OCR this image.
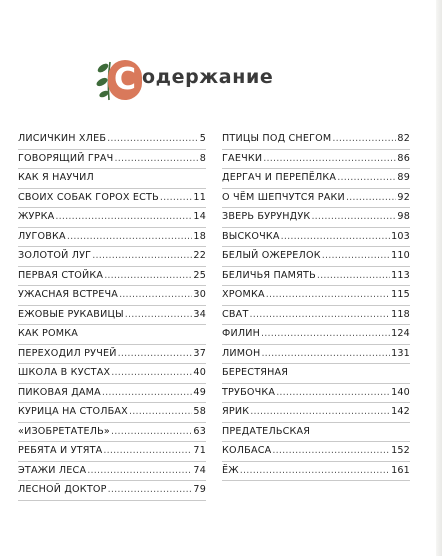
С одержание
ЛИСИЧКИН ХЛЕБ .....	5
ГОВОРЯЩИЙ ГРАЧ .....	8
КАК Я НАУЧИЛ
СВОИХ СОБАК ГОРОХ ЕСТЬ .....	11
ЖУРКА .....	14
ЛУГОВКА .....	18
ЗОЛОТОЙ ЛУГ .....	22
ПЕРВАЯ СТОЙКА .....	25
УЖАСНАЯ ВСТРЕЧА .....	30
ЕЖОВЫЕ РУКАВИЦЫ .....	34
КАК РОМКА
ПЕРЕХОДИЛ РУЧЕЙ .....	37
ШКОЛА В КУСТАХ .....	40
ПИКОВАЯ ДАМА .....	49
КУРИЦА НА СТОЛБАХ .....	58
«ИЗОБРЕТАТЕЛЬ» .....	63
РЕБЯТА И УТЯТА .....	71
ЭТАЖИ ЛЕСА .....	74
ЛЕСНОЙ ДОКТОР .....	79
ПТИЦЫ ПОД СНЕГОМ .....	82
ГАЕЧКИ .....	86
ДЕРГАЧ И ПЕРЕПЁЛКА .....	89
О ЧЁМ ШЕПЧУТСЯ РАКИ .....	92
ЗВЕРЬ БУРУНДУК .....	98
ВЫСКОЧКА .....	103
БЕЛЫЙ ОЖЕРЕЛОК .....	110
БЕЛИЧЬЯ ПАМЯТЬ .....	113
ХРОМКА .....	115
СВАТ .....	118
ФИЛИН .....	124
ЛИМОН .....	131
БЕРЕСТЯНАЯ
ТРУБОЧКА .....	140
ЯРИК .....	142
ПРЕДАТЕЛЬСКАЯ
КОЛБАСА .....	152
ЁЖ .....	161
